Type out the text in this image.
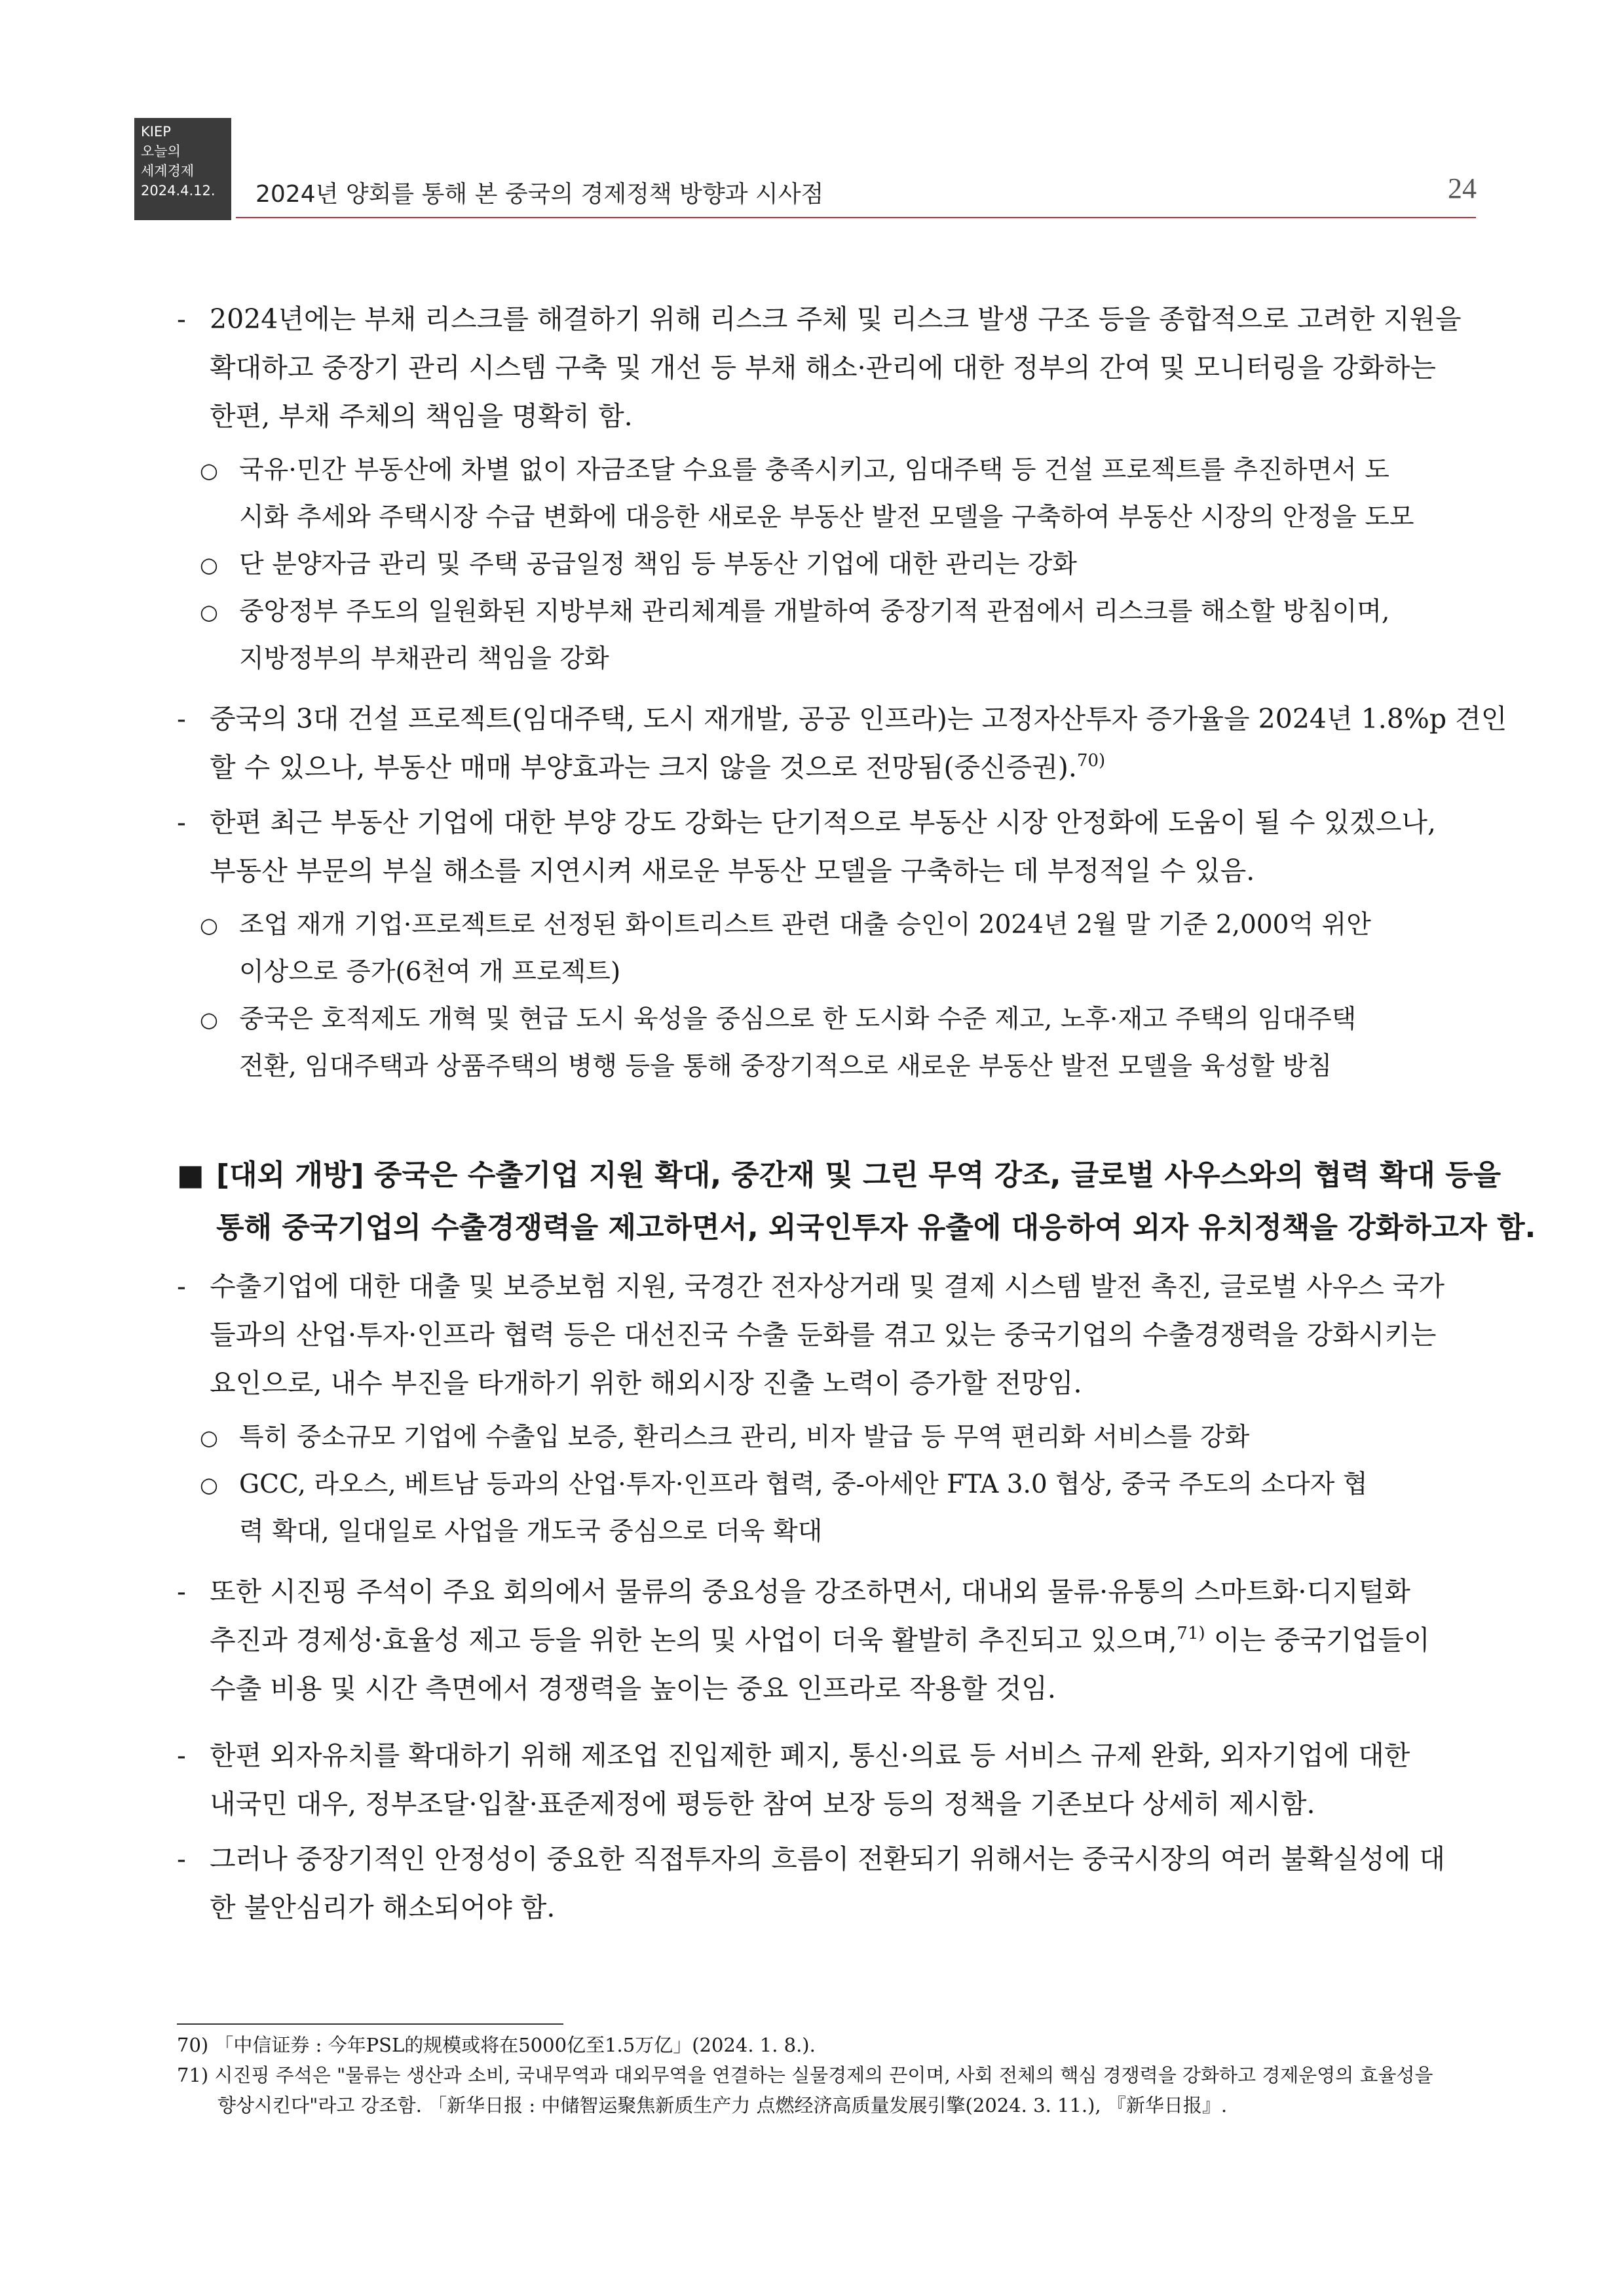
KIEP
오늘의
세계경제
2024.4.12.	2024년 양회를 통해 본 중국의 경제정책 방향과 시사점	24
- 2024년에는 부채 리스크를 해결하기 위해 리스크 주체 및 리스크 발생 구조 등을 종합적으로 고려한 지원을
확대하고 중장기 관리 시스템 구축 및 개선 등 부채 해소·관리에 대한 정부의 간여 및 모니터링을 강화하는
한편, 부채 주체의 책임을 명확히 함.
○ 국유·민간 부동산에 차별 없이 자금조달 수요를 충족시키고, 임대주택 등 건설 프로젝트를 추진하면서 도
시화 추세와 주택시장 수급 변화에 대응한 새로운 부동산 발전 모델을 구축하여 부동산 시장의 안정을 도모
○ 단 분양자금 관리 및 주택 공급일정 책임 등 부동산 기업에 대한 관리는 강화
○ 중앙정부 주도의 일원화된 지방부채 관리체계를 개발하여 중장기적 관점에서 리스크를 해소할 방침이며,
지방정부의 부채관리 책임을 강화
- 중국의 3대 건설 프로젝트(임대주택, 도시 재개발, 공공 인프라)는 고정자산투자 증가율을 2024년 1.8%p 견인
할 수 있으나, 부동산 매매 부양효과는 크지 않을 것으로 전망됨(중신증권).$^{70)}$
- 한편 최근 부동산 기업에 대한 부양 강도 강화는 단기적으로 부동산 시장 안정화에 도움이 될 수 있겠으나,
부동산 부문의 부실 해소를 지연시켜 새로운 부동산 모델을 구축하는 데 부정적일 수 있음.
○ 조업 재개 기업·프로젝트로 선정된 화이트리스트 관련 대출 승인이 2024년 2월 말 기준 2,000억 위안
이상으로 증가(6천여 개 프로젝트)
○ 중국은 호적제도 개혁 및 현급 도시 육성을 중심으로 한 도시화 수준 제고, 노후·재고 주택의 임대주택
전환, 임대주택과 상품주택의 병행 등을 통해 중장기적으로 새로운 부동산 발전 모델을 육성할 방침
■ [대외 개방] 중국은 수출기업 지원 확대, 중간재 및 그린 무역 강조, 글로벌 사우스와의 협력 확대 등을
통해 중국기업의 수출경쟁력을 제고하면서, 외국인투자 유출에 대응하여 외자 유치정책을 강화하고자 함.
- 수출기업에 대한 대출 및 보증보험 지원, 국경간 전자상거래 및 결제 시스템 발전 촉진, 글로벌 사우스 국가
들과의 산업·투자·인프라 협력 등은 대선진국 수출 둔화를 겪고 있는 중국기업의 수출경쟁력을 강화시키는
요인으로, 내수 부진을 타개하기 위한 해외시장 진출 노력이 증가할 전망임.
○ 특히 중소규모 기업에 수출입 보증, 환리스크 관리, 비자 발급 등 무역 편리화 서비스를 강화
○ GCC, 라오스, 베트남 등과의 산업·투자·인프라 협력, 중-아세안 FTA 3.0 협상, 중국 주도의 소다자 협
력 확대, 일대일로 사업을 개도국 중심으로 더욱 확대
- 또한 시진핑 주석이 주요 회의에서 물류의 중요성을 강조하면서, 대내외 물류·유통의 스마트화·디지털화
추진과 경제성·효율성 제고 등을 위한 논의 및 사업이 더욱 활발히 추진되고 있으며,$^{71)}$ 이는 중국기업들이
수출 비용 및 시간 측면에서 경쟁력을 높이는 중요 인프라로 작용할 것임.
- 한편 외자유치를 확대하기 위해 제조업 진입제한 폐지, 통신·의료 등 서비스 규제 완화, 외자기업에 대한
내국민 대우, 정부조달·입찰·표준제정에 평등한 참여 보장 등의 정책을 기존보다 상세히 제시함.
- 그러나 중장기적인 안정성이 중요한 직접투자의 흐름이 전환되기 위해서는 중국시장의 여러 불확실성에 대
한 불안심리가 해소되어야 함.
70) 「中信证券 : 今年PSL的规模或将在5000亿至1.5万亿」(2024. 1. 8.).
71) 시진핑 주석은 "물류는 생산과 소비, 국내무역과 대외무역을 연결하는 실물경제의 끈이며, 사회 전체의 핵심 경쟁력을 강화하고 경제운영의 효율성을
향상시킨다"라고 강조함. 「新华日报 : 中储智运聚焦新质生产力 点燃经济高质量发展引擎(2024. 3. 11.), 『新华日报』.
